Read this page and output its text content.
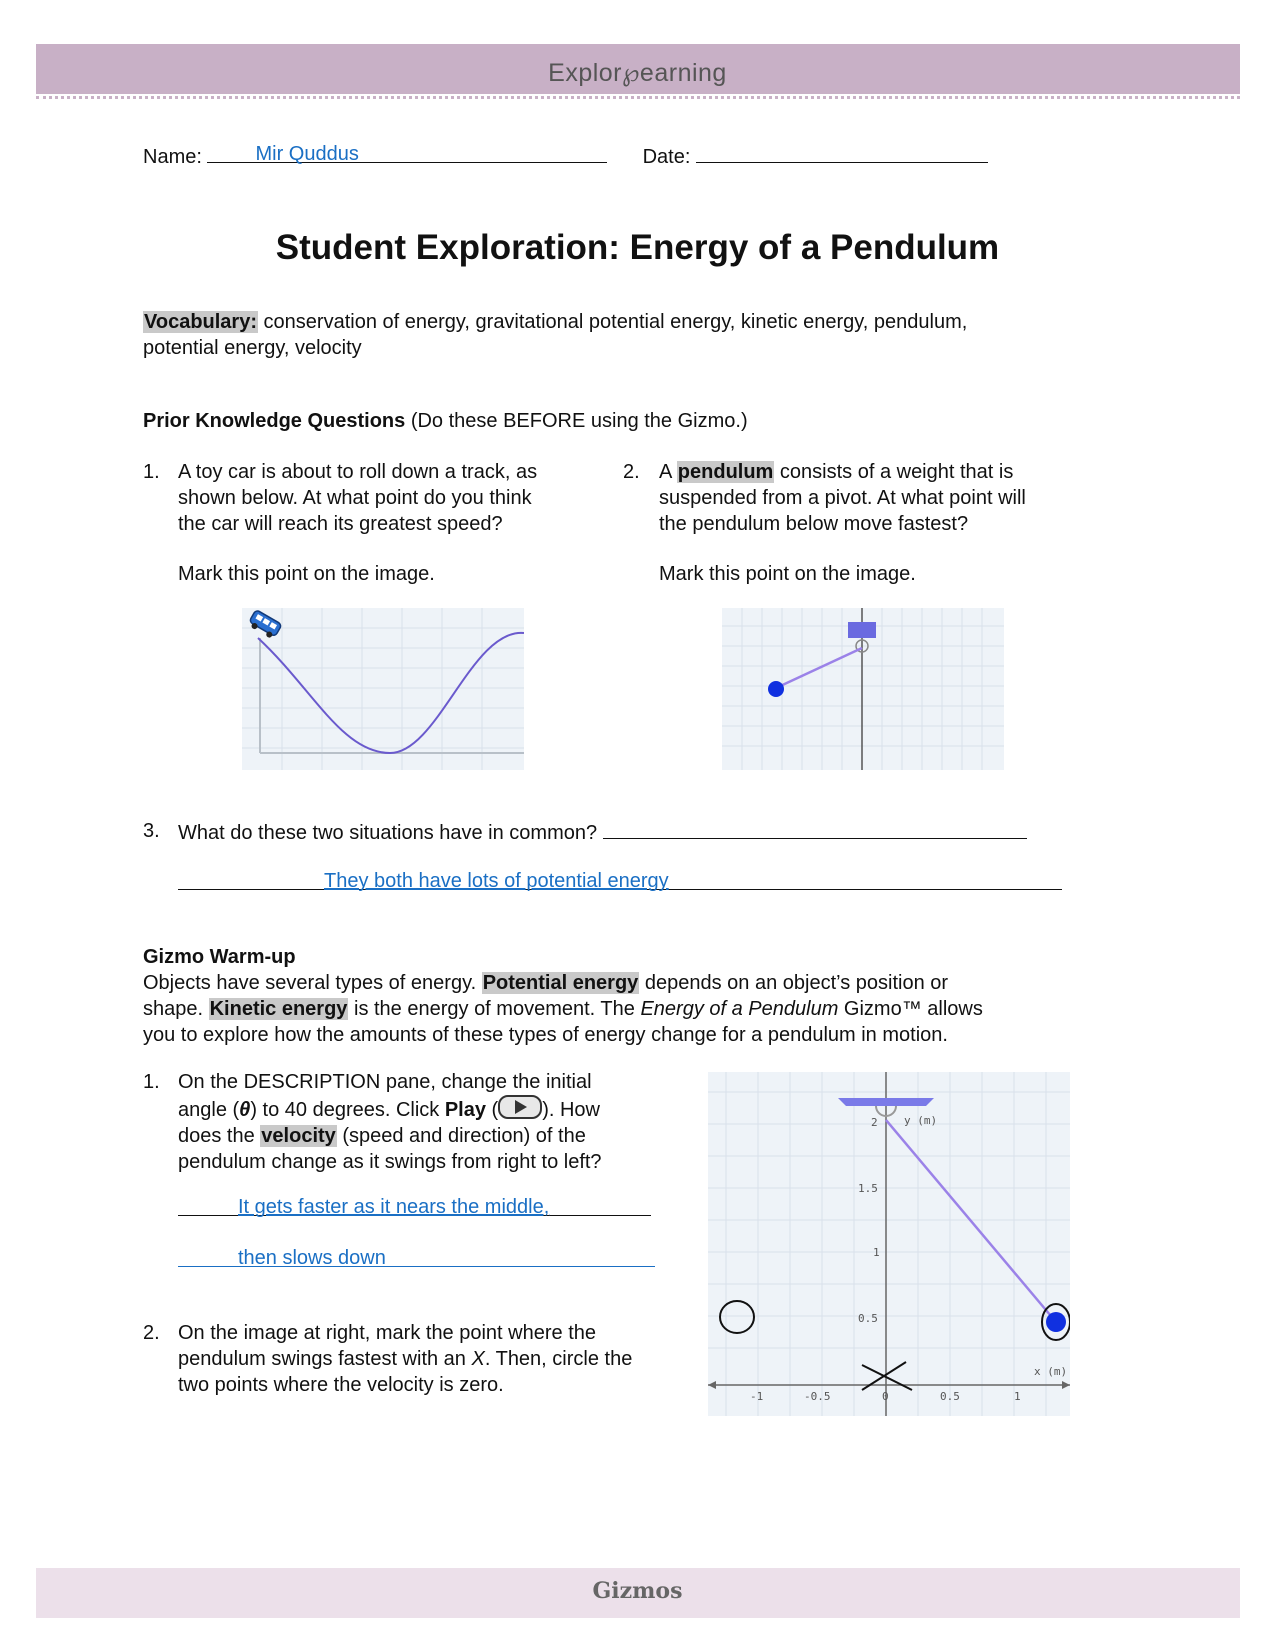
Explor℘earning
Name: Mir Quddus	Date:
Student Exploration: Energy of a Pendulum
Vocabulary: conservation of energy, gravitational potential energy, kinetic energy, pendulum,
potential energy, velocity
Prior Knowledge Questions (Do these BEFORE using the Gizmo.)
1. A toy car is about to roll down a track, as
shown below. At what point do you think
the car will reach its greatest speed?
Mark this point on the image.
2. A pendulum consists of a weight that is
suspended from a pivot. At what point will
the pendulum below move fastest?
Mark this point on the image.
3. What do these two situations have in common?
They both have lots of potential energy
Gizmo Warm-up
Objects have several types of energy. Potential energy depends on an object’s position or
shape. Kinetic energy is the energy of movement. The Energy of a Pendulum Gizmo™ allows
you to explore how the amounts of these types of energy change for a pendulum in motion.
1. On the DESCRIPTION pane, change the initial
angle (θ) to 40 degrees. Click Play ( ). How
does the velocity (speed and direction) of the
pendulum change as it swings from right to left?
It gets faster as it nears the middle,
then slows down
2. On the image at right, mark the point where the
pendulum swings fastest with an X. Then, circle the
two points where the velocity is zero.
2
1.5
1
0.5
-1	-0.5	0	0.5	1
y (m)
x (m)
Gizmos
